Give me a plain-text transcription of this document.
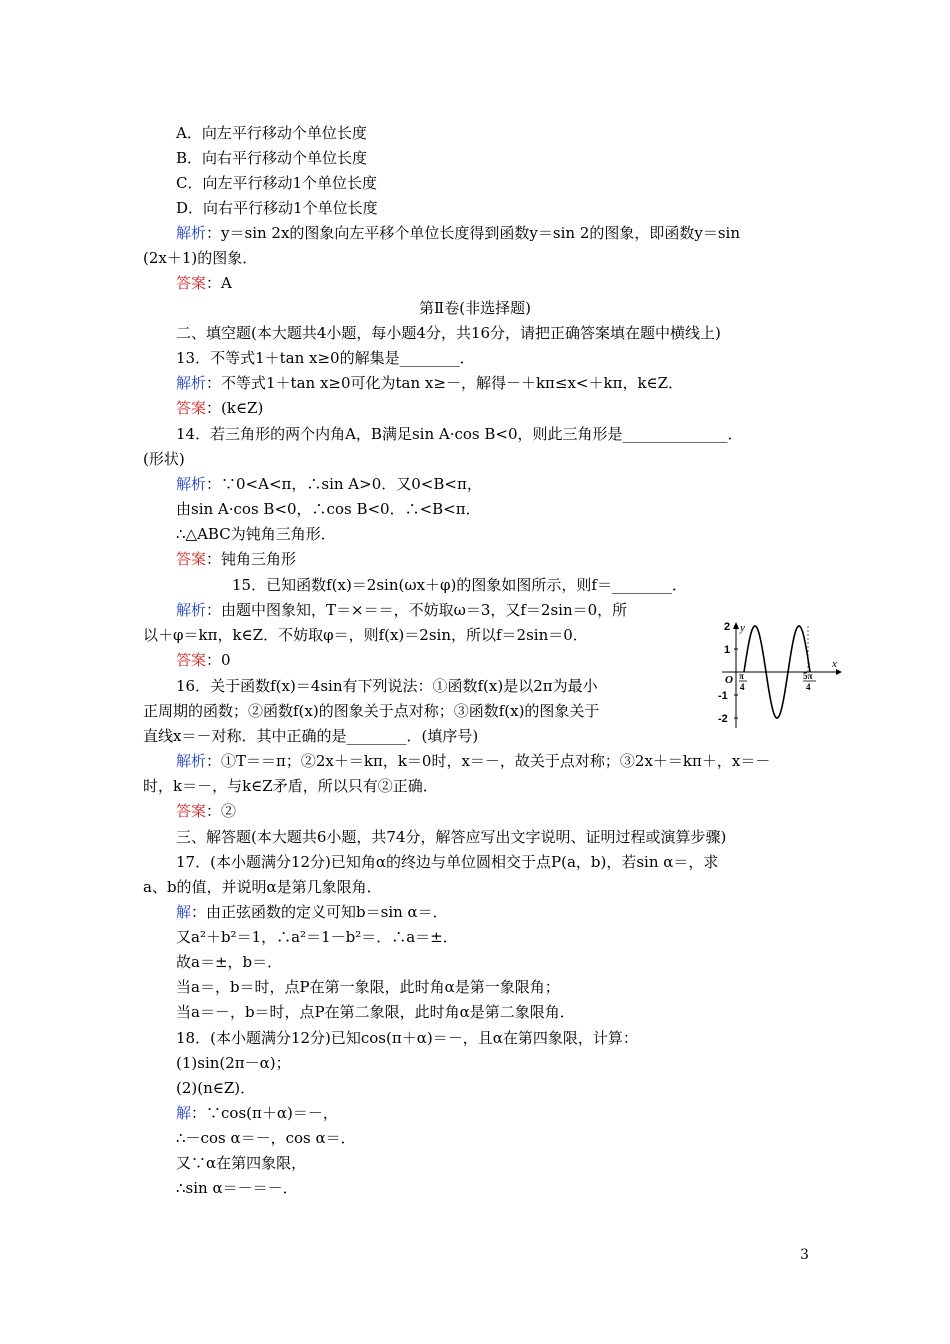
A．向左平行移动个单位长度
B．向右平行移动个单位长度
C．向左平行移动1个单位长度
D．向右平行移动1个单位长度
解析：y＝sin 2x的图象向左平移个单位长度得到函数y＝sin 2的图象，即函数y＝sin
(2x＋1)的图象．
答案：A
第Ⅱ卷(非选择题)
二、填空题(本大题共4小题，每小题4分，共16分，请把正确答案填在题中横线上)
13．不等式1＋tan x≥0的解集是________．
解析：不等式1＋tan x≥0可化为tan x≥－，解得－＋kπ≤x<＋kπ，k∈Z．
答案：(k∈Z)
14．若三角形的两个内角A，B满足sin A·cos B<0，则此三角形是______________．
(形状)
解析：∵0<A<π，∴sin A>0．又0<B<π，
由sin A·cos B<0，∴cos B<0．∴<B<π．
∴△ABC为钝角三角形．
答案：钝角三角形
15．已知函数f(x)＝2sin(ωx＋φ)的图象如图所示，则f＝________．
解析：由题中图象知，T＝×＝＝，不妨取ω＝3，又f＝2sin＝0，所
以＋φ＝kπ，k∈Z．不妨取φ＝，则f(x)＝2sin，所以f＝2sin＝0．
答案：0
16．关于函数f(x)＝4sin有下列说法：①函数f(x)是以2π为最小
正周期的函数；②函数f(x)的图象关于点对称；③函数f(x)的图象关于
直线x＝－对称．其中正确的是________．(填序号)
解析：①T＝＝π；②2x＋＝kπ，k＝0时，x＝－，故关于点对称；③2x＋＝kπ＋，x＝－
时，k＝－，与k∈Z矛盾，所以只有②正确．
答案：②
三、解答题(本大题共6小题，共74分，解答应写出文字说明、证明过程或演算步骤)
17．(本小题满分12分)已知角α的终边与单位圆相交于点P(a，b)，若sin α＝，求
a、b的值，并说明α是第几象限角．
解：由正弦函数的定义可知b＝sin α＝．
又a²＋b²＝1，∴a²＝1－b²＝．∴a＝±．
故a＝±，b＝．
当a＝，b＝时，点P在第一象限，此时角α是第一象限角；
当a＝－，b＝时，点P在第二象限，此时角α是第二象限角．
18．(本小题满分12分)已知cos(π＋α)＝－，且α在第四象限，计算：
(1)sin(2π－α)；
(2)(n∈Z)．
解：∵cos(π＋α)＝－，
∴－cos α＝－，cos α＝．
又∵α在第四象限，
∴sin α＝－＝－．
y
x
O
2
1
-1
-2
π
4
5π
4
3
